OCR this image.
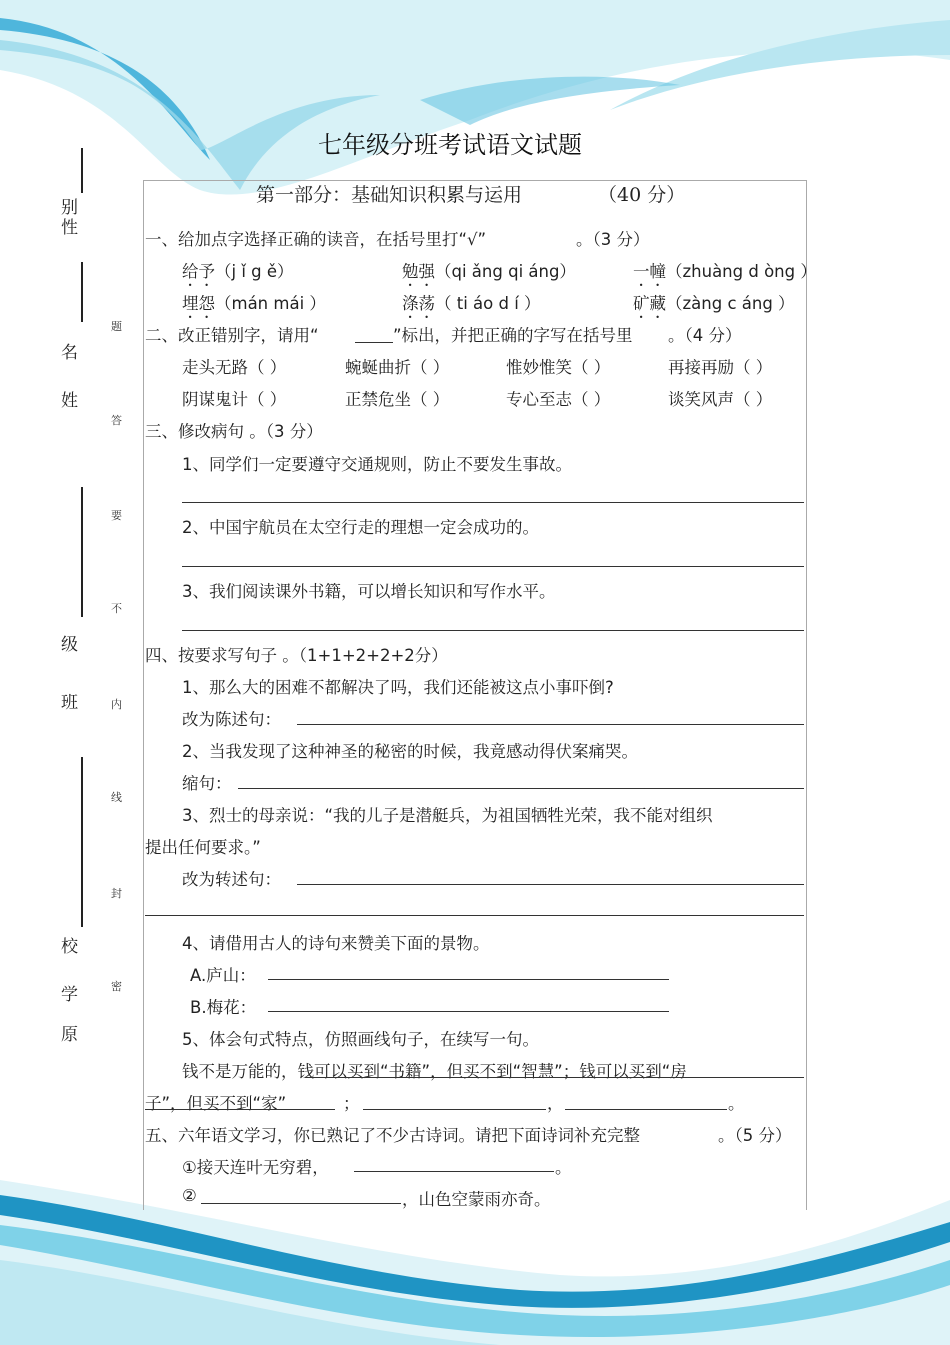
七年级分班考试语文试题
第一部分：基础知识积累与运用	（40 分）
别
性
名
姓
级
班
校
学
原
题
答
要
不
内
线
封
密
一、给加点字选择正确的读音，在括号里打“√”	。（3 分）
给予（j ǐ g ě）	勉强（qi ǎng qi áng）	一幢（zhuàng d òng ）
埋怨（mán mái ）	涤荡（ ti áo d í ）	矿藏（zàng c áng ）
二、改正错别字，请用“	”标出，并把正确的字写在括号里 。（4 分）
走头无路（ ）	蜿蜒曲折（ ）	惟妙惟笑（ ）	再接再励（ ）
阴谋鬼计（ ）	正禁危坐（ ）	专心至志（ ）	谈笑风声（ ）
三、修改病句 。（3 分）
1、同学们一定要遵守交通规则，防止不要发生事故。
2、中国宇航员在太空行走的理想一定会成功的。
3、我们阅读课外书籍，可以增长知识和写作水平。
四、按要求写句子 。（1+1+2+2+2分）
1、那么大的困难不都解决了吗，我们还能被这点小事吓倒?
改为陈述句：
2、当我发现了这种神圣的秘密的时候，我竟感动得伏案痛哭。
缩句：
3、烈士的母亲说：“我的儿子是潜艇兵，为祖国牺牲光荣，我不能对组织
提出任何要求。”
改为转述句：
4、请借用古人的诗句来赞美下面的景物。
A.庐山：
B.梅花：
5、体会句式特点，仿照画线句子，在续写一句。
钱不是万能的，钱可以买到“书籍”，但买不到“智慧”；钱可以买到“房
子”，但买不到“家”	；	，	。
五、六年语文学习，你已熟记了不少古诗词。请把下面诗词补充完整	。（5 分）
①接天连叶无穷碧，	。
②	，山色空蒙雨亦奇。
